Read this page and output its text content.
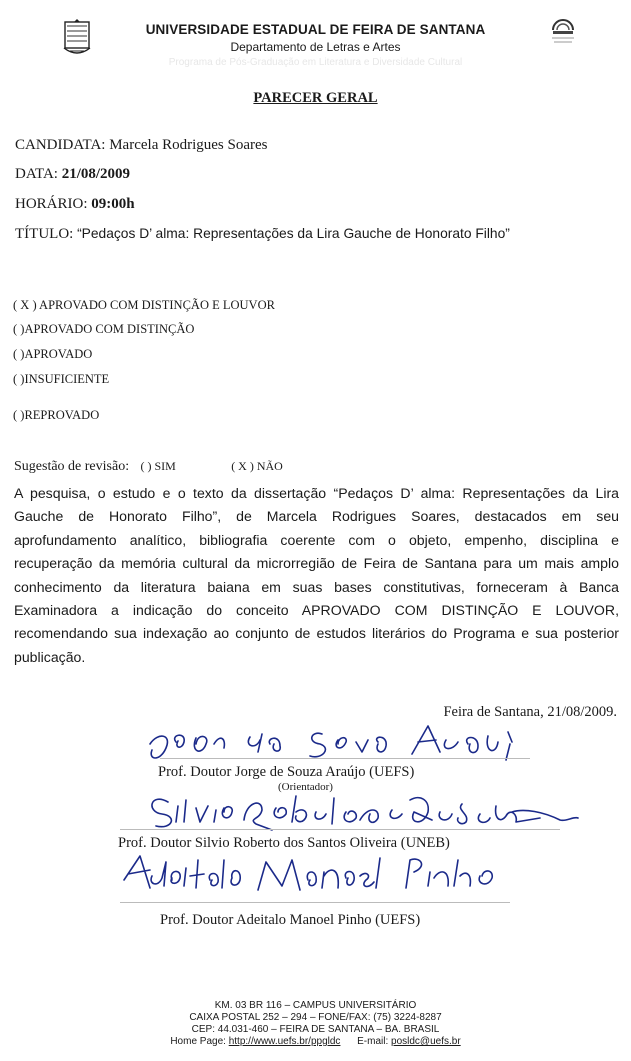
UNIVERSIDADE ESTADUAL DE FEIRA DE SANTANA
Departamento de Letras e Artes
Programa de Pós-Graduação em Literatura e Diversidade Cultural
PARECER GERAL
CANDIDATA: Marcela Rodrigues Soares
DATA: 21/08/2009
HORÁRIO: 09:00h
TÍTULO: “Pedaços D’ alma: Representações da Lira Gauche de Honorato Filho”
( X ) APROVADO COM DISTINÇÃO E LOUVOR
( )APROVADO COM DISTINÇÃO
( )APROVADO
( )INSUFICIENTE
( )REPROVADO
Sugestão de revisão: ( ) SIM	( X ) NÃO
A pesquisa, o estudo e o texto da dissertação “Pedaços D’ alma: Representações da Lira Gauche de Honorato Filho”, de Marcela Rodrigues Soares, destacados em seu aprofundamento analítico, bibliografia coerente com o objeto, empenho, disciplina e recuperação da memória cultural da microrregião de Feira de Santana para um mais amplo conhecimento da literatura baiana em suas bases constitutivas, forneceram à Banca Examinadora a indicação do conceito APROVADO COM DISTINÇÃO E LOUVOR, recomendando sua indexação ao conjunto de estudos literários do Programa e sua posterior publicação.
Feira de Santana, 21/08/2009.
Prof. Doutor Jorge de Souza Araújo (UEFS)
(Orientador)
Prof. Doutor Silvio Roberto dos Santos Oliveira (UNEB)
Prof. Doutor Adeitalo Manoel Pinho (UEFS)
KM. 03 BR 116 – CAMPUS UNIVERSITÁRIO
CAIXA POSTAL 252 – 294 – FONE/FAX: (75) 3224-8287
CEP: 44.031-460 – FEIRA DE SANTANA – BA. BRASIL
Home Page: http://www.uefs.br/ppgldc E-mail: posldc@uefs.br
